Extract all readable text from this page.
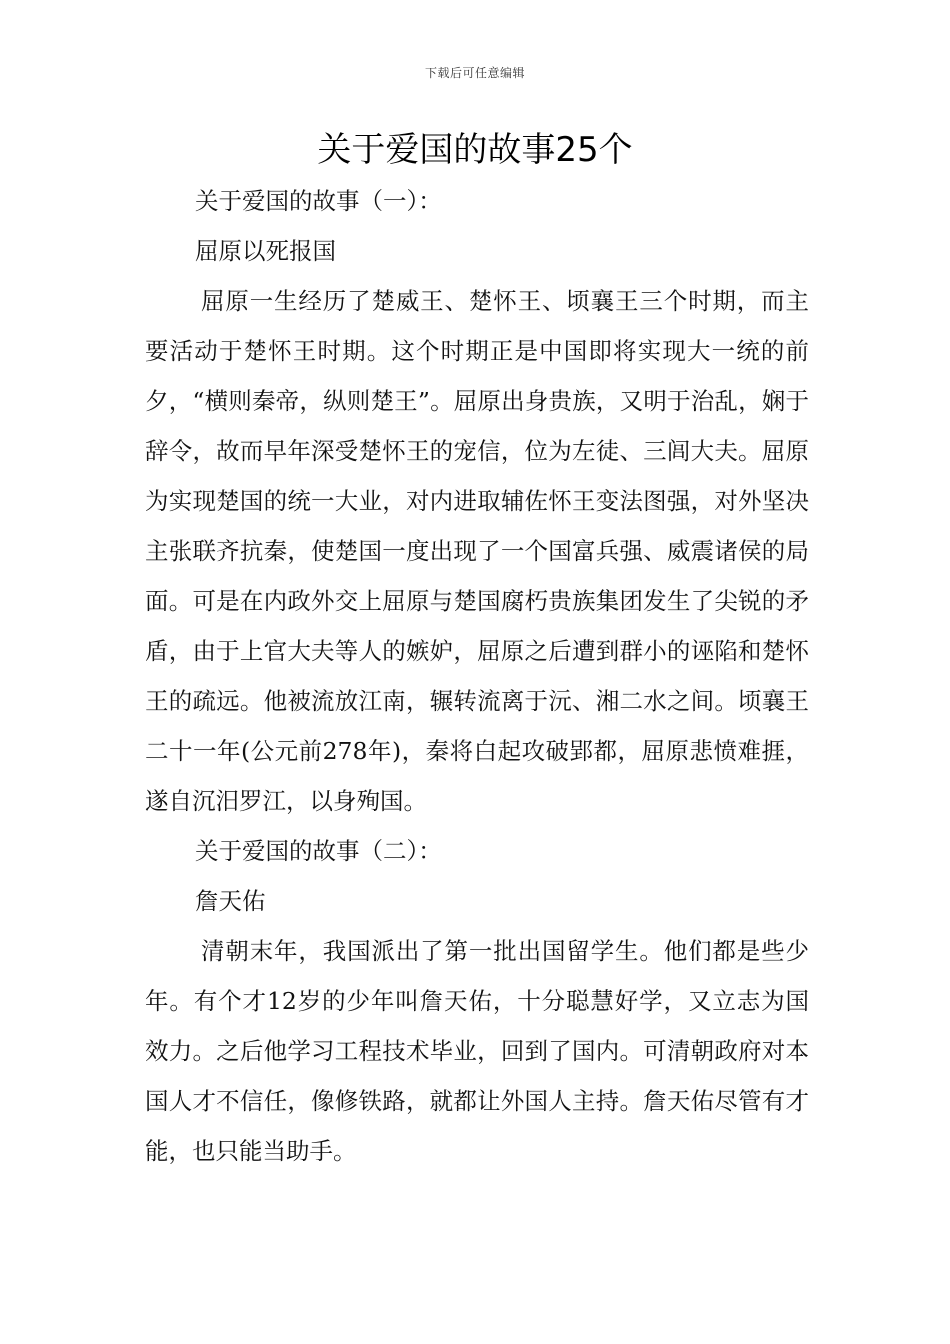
下载后可任意编辑
关于爱国的故事25个

关于爱国的故事（一）：

屈原以死报国

屈原一生经历了楚威王、楚怀王、顷襄王三个时期，而主要活动于楚怀王时期。这个时期正是中国即将实现大一统的前夕，“横则秦帝，纵则楚王”。屈原出身贵族，又明于治乱，娴于辞令，故而早年深受楚怀王的宠信，位为左徒、三闾大夫。屈原为实现楚国的统一大业，对内进取辅佐怀王变法图强，对外坚决主张联齐抗秦，使楚国一度出现了一个国富兵强、威震诸侯的局面。可是在内政外交上屈原与楚国腐朽贵族集团发生了尖锐的矛盾，由于上官大夫等人的嫉妒，屈原之后遭到群小的诬陷和楚怀王的疏远。他被流放江南，辗转流离于沅、湘二水之间。顷襄王二十一年(公元前278年)，秦将白起攻破郢都，屈原悲愤难捱，遂自沉汨罗江，以身殉国。

关于爱国的故事（二）：

詹天佑

清朝末年，我国派出了第一批出国留学生。他们都是些少年。有个才12岁的少年叫詹天佑，十分聪慧好学，又立志为国效力。之后他学习工程技术毕业，回到了国内。可清朝政府对本国人才不信任，像修铁路，就都让外国人主持。詹天佑尽管有才能，也只能当助手。
